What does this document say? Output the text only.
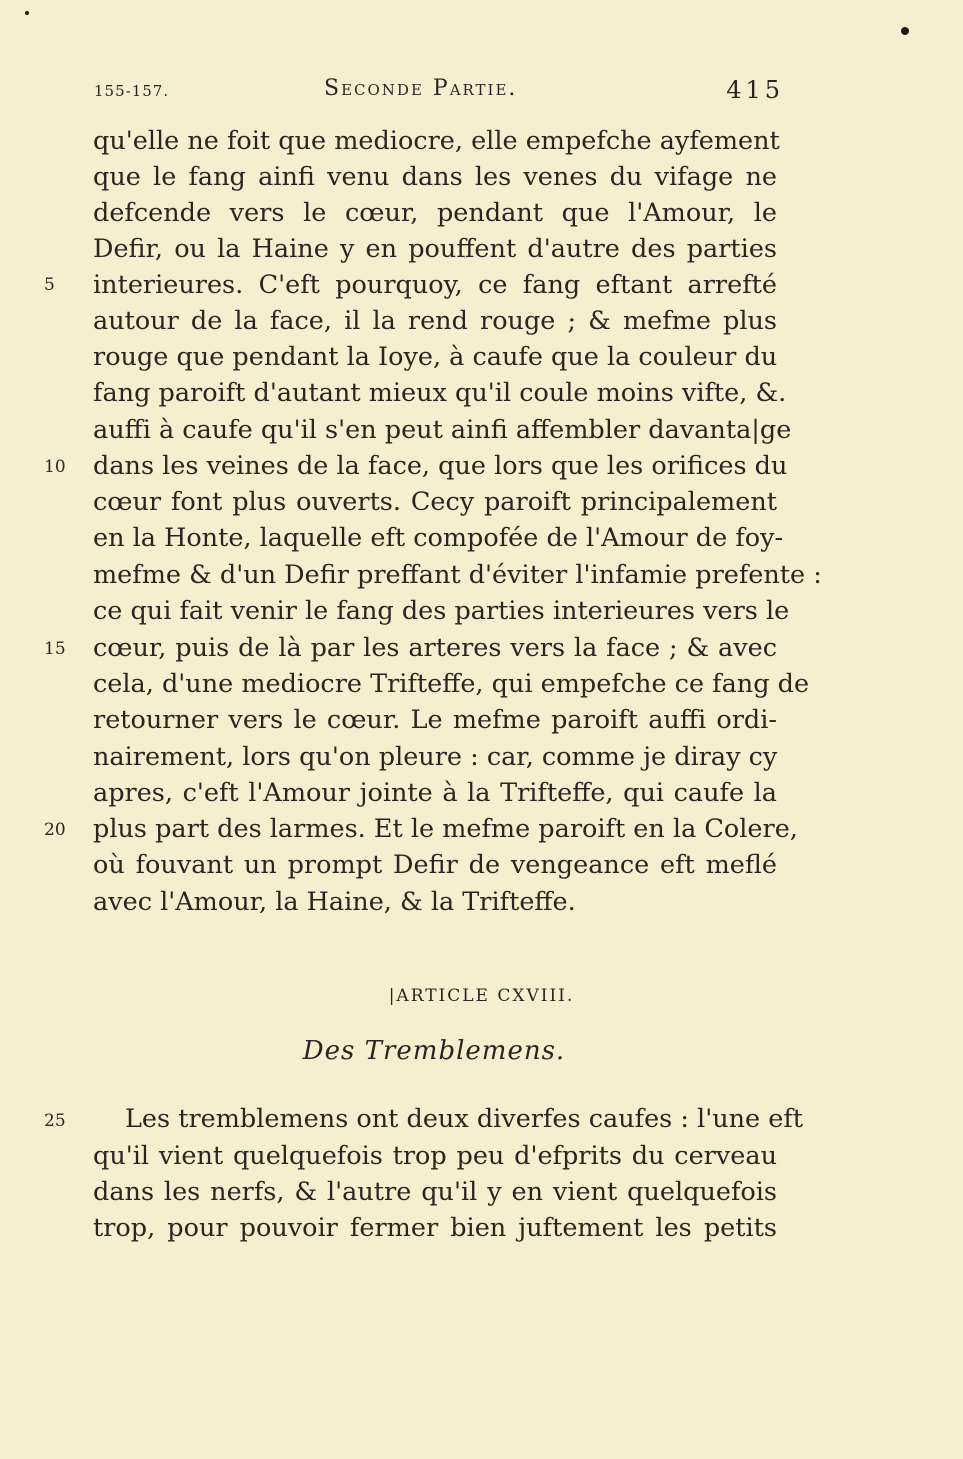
155-157.	Seconde Partie.	415
qu'elle ne foit que mediocre, elle empefche ayfement
que le fang ainfi venu dans les venes du vifage ne
defcende vers le cœur, pendant que l'Amour, le
Defir, ou la Haine y en pouffent d'autre des parties
interieures. C'eft pourquoy, ce fang eftant arrefté
autour de la face, il la rend rouge ; & mefme plus
rouge que pendant la Ioye, à caufe que la couleur du
fang paroift d'autant mieux qu'il coule moins vifte, &.
auffi à caufe qu'il s'en peut ainfi affembler davanta|ge
dans les veines de la face, que lors que les orifices du
cœur font plus ouverts. Cecy paroift principalement
en la Honte, laquelle eft compofée de l'Amour de foy-
mefme & d'un Defir preffant d'éviter l'infamie prefente :
ce qui fait venir le fang des parties interieures vers le
cœur, puis de là par les arteres vers la face ; & avec
cela, d'une mediocre Trifteffe, qui empefche ce fang de
retourner vers le cœur. Le mefme paroift auffi ordi-
nairement, lors qu'on pleure : car, comme je diray cy
apres, c'eft l'Amour jointe à la Trifteffe, qui caufe la
plus part des larmes. Et le mefme paroift en la Colere,
où fouvant un prompt Defir de vengeance eft meflé
avec l'Amour, la Haine, & la Trifteffe.
5
10
15
20
|ARTICLE CXVIII.
Des Tremblemens.
Les tremblemens ont deux diverfes caufes : l'une eft
qu'il vient quelquefois trop peu d'efprits du cerveau
dans les nerfs, & l'autre qu'il y en vient quelquefois
trop, pour pouvoir fermer bien juftement les petits
25
